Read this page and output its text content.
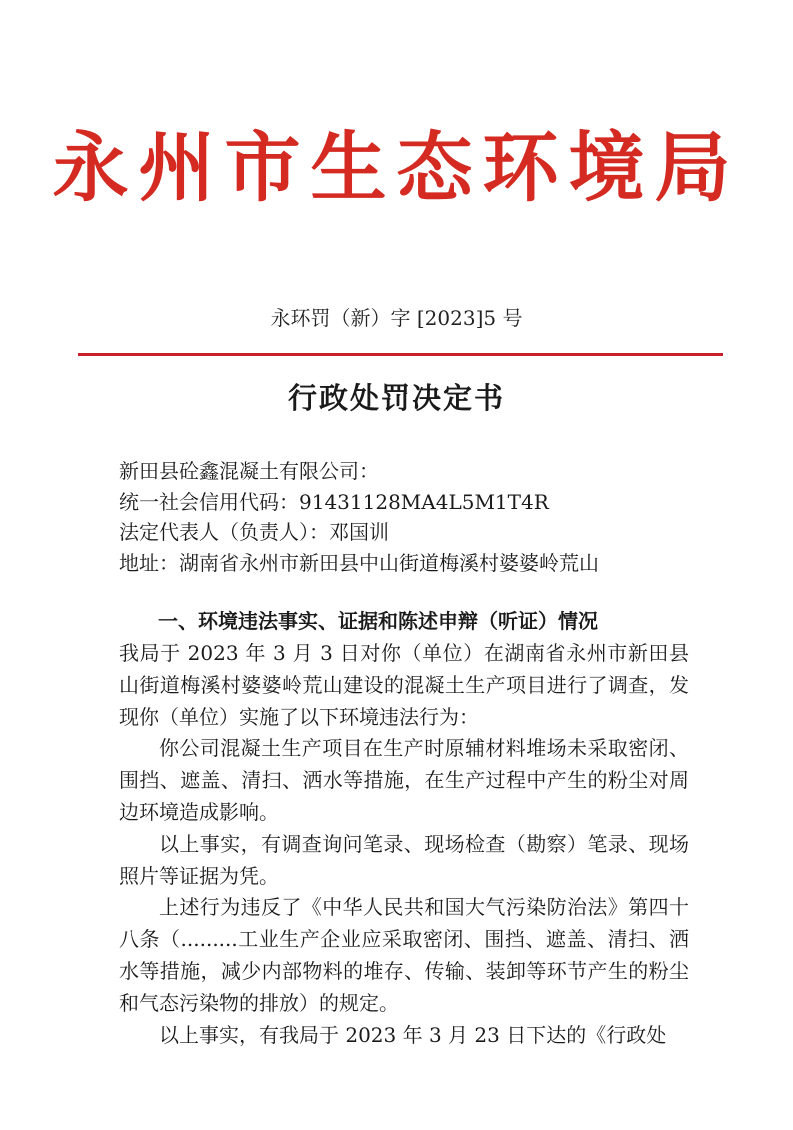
永州市生态环境局
永环罚（新）字 [2023]5 号
行政处罚决定书
新田县砼鑫混凝土有限公司：
统一社会信用代码：91431128MA4L5M1T4R
法定代表人（负责人）：邓国训
地址：湖南省永州市新田县中山街道梅溪村婆婆岭荒山
一、环境违法事实、证据和陈述申辩（听证）情况

我局于 2023 年 3 月 3 日对你（单位）在湖南省永州市新田县山街道梅溪村婆婆岭荒山建设的混凝土生产项目进行了调查，发现你（单位）实施了以下环境违法行为：

你公司混凝土生产项目在生产时原辅材料堆场未采取密闭、围挡、遮盖、清扫、洒水等措施，在生产过程中产生的粉尘对周边环境造成影响。

以上事实，有调查询问笔录、现场检查（勘察）笔录、现场照片等证据为凭。

上述行为违反了《中华人民共和国大气污染防治法》第四十八条（.........工业生产企业应采取密闭、围挡、遮盖、清扫、洒水等措施，减少内部物料的堆存、传输、装卸等环节产生的粉尘和气态污染物的排放）的规定。

以上事实，有我局于 2023 年 3 月 23 日下达的《行政处
